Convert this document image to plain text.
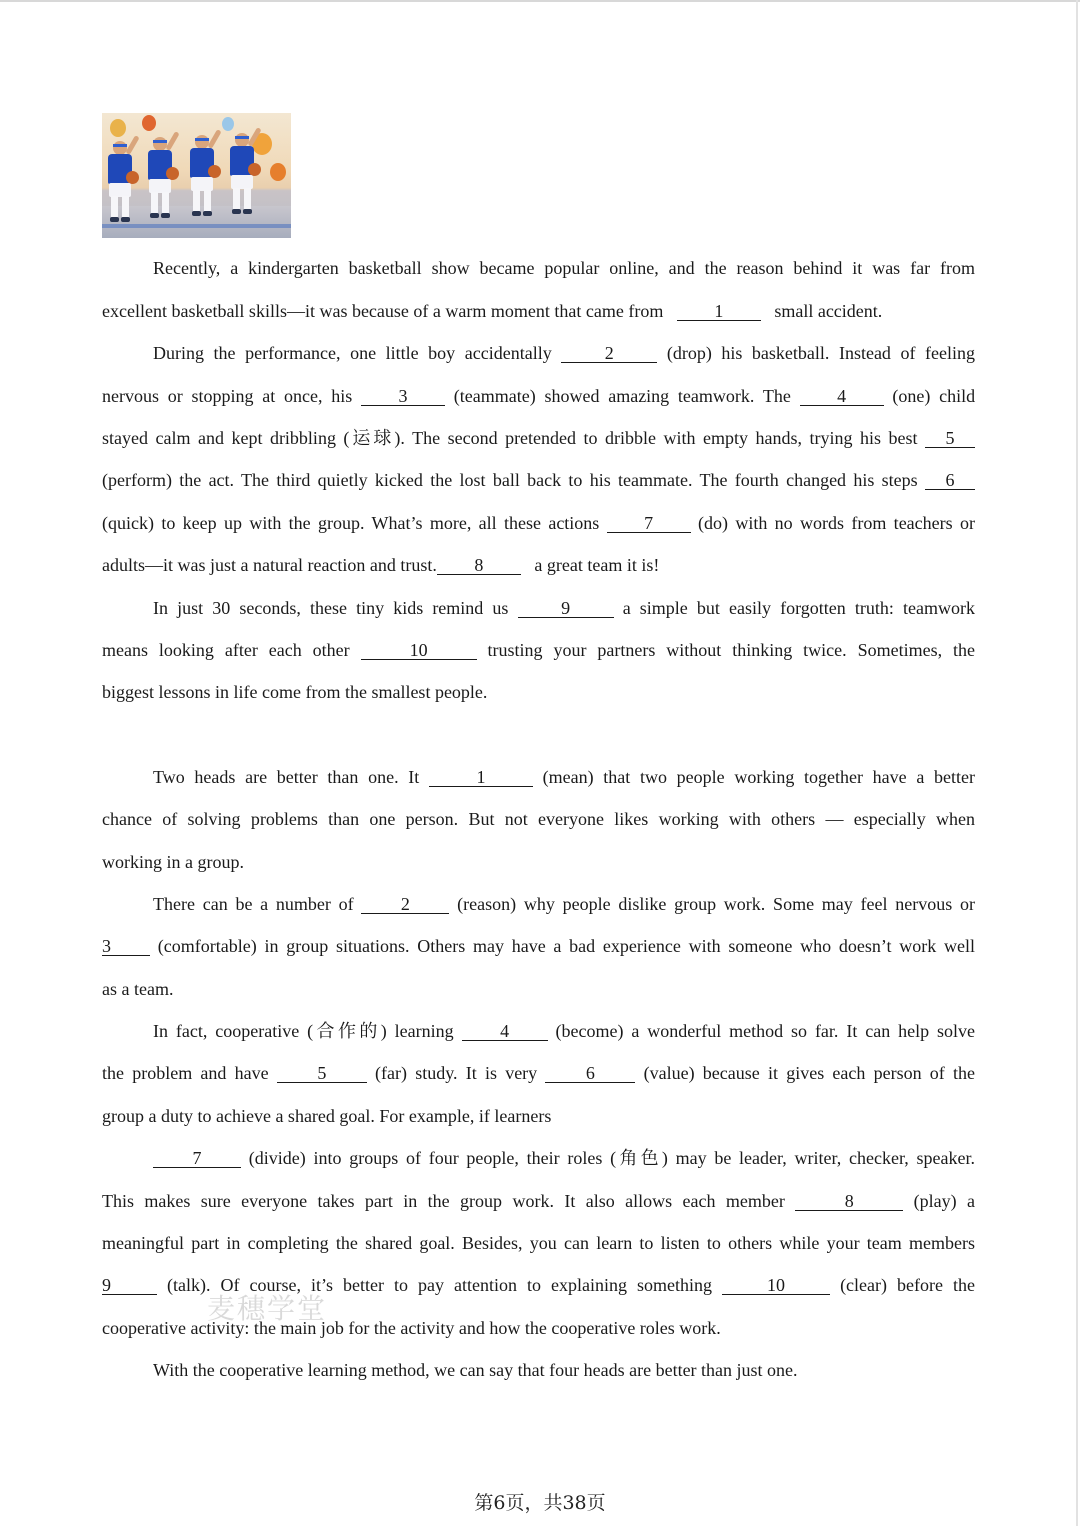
Recently, a kindergarten basketball show became popular online, and the reason behind it was far from
excellent basketball skills—it was because of a warm moment that came from	1	small accident.
During the performance, one little boy accidentally	2	(drop) his basketball. Instead of feeling
nervous or stopping at once, his	3	(teammate) showed amazing teamwork. The	4	(one) child
stayed calm and kept dribbling (运球). The second pretended to dribble with empty hands, trying his best 5
(perform) the act. The third quietly kicked the lost ball back to his teammate. The fourth changed his steps 6
(quick) to keep up with the group. What’s more, all these actions 7 (do) with no words from teachers or
adults—it was just a natural reaction and trust. 8	a great team it is!
In just 30 seconds, these tiny kids remind us	9	a simple but easily forgotten truth: teamwork
means looking after each other	10	trusting your partners without thinking twice. Sometimes, the
biggest lessons in life come from the smallest people.
Two heads are better than one. It	1	(mean) that two people working together have a better
chance of solving problems than one person. But not everyone likes working with others — especially when
working in a group.
There can be a number of	2	(reason) why people dislike group work. Some may feel nervous or
3	(comfortable) in group situations. Others may have a bad experience with someone who doesn’t work well
as a team.
In fact, cooperative (合作的) learning	4	(become) a wonderful method so far. It can help solve
the problem and have	5	(far) study. It is very	6	(value) because it gives each person of the
group a duty to achieve a shared goal. For example, if learners
7	(divide) into groups of four people, their roles (角色) may be leader, writer, checker, speaker.
This makes sure everyone takes part in the group work. It also allows each member	8	(play) a
meaningful part in completing the shared goal. Besides, you can learn to listen to others while your team members
9	(talk). Of course, it’s better to pay attention to explaining something	10	(clear) before the
麦穗学堂
cooperative activity: the main job for the activity and how the cooperative roles work.
With the cooperative learning method, we can say that four heads are better than just one.
第6页，共38页
